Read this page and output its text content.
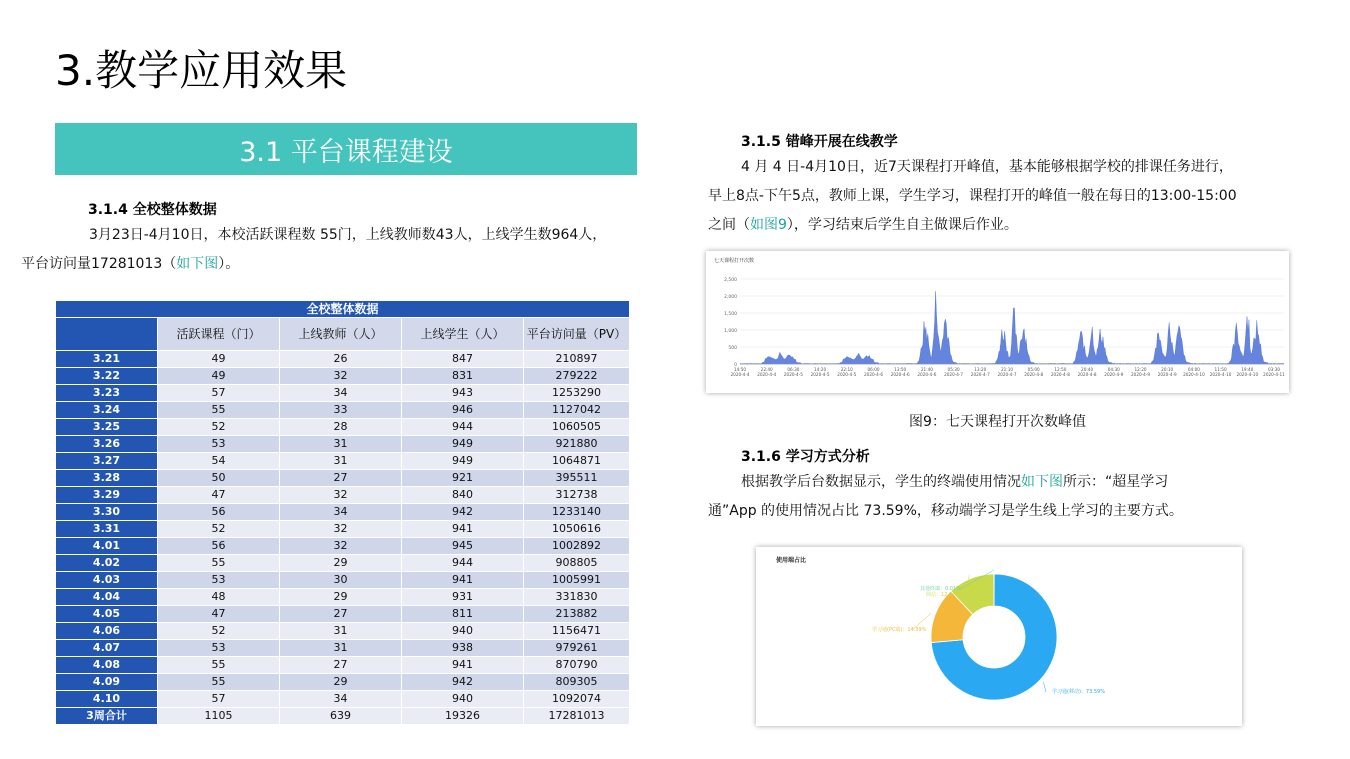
3.教学应用效果
3.1 平台课程建设
3.1.4 全校整体数据

3月23日-4月10日，本校活跃课程数 55门，上线教师数43人，上线学生数964人，
平台访问量17281013（如下图）。

全校整体数据				
	活跃课程（门）	上线教师（人）	上线学生（人）	平台访问量（PV）
3.21	49	26	847	210897
3.22	49	32	831	279222
3.23	57	34	943	1253290
3.24	55	33	946	1127042
3.25	52	28	944	1060505
3.26	53	31	949	921880
3.27	54	31	949	1064871
3.28	50	27	921	395511
3.29	47	32	840	312738
3.30	56	34	942	1233140
3.31	52	32	941	1050616
4.01	56	32	945	1002892
4.02	55	29	944	908805
4.03	53	30	941	1005991
4.04	48	29	931	331830
4.05	47	27	811	213882
4.06	52	31	940	1156471
4.07	53	31	938	979261
4.08	55	27	941	870790
4.09	55	29	942	809305
4.10	57	34	940	1092074
3周合计	1105	639	19326	17281013
3.1.5 错峰开展在线教学
4 月 4 日-4月10日，近7天课程打开峰值，基本能够根据学校的排课任务进行，
早上8点-下午5点，教师上课，学生学习，课程打开的峰值一般在每日的13:00-15:00
之间（如图9），学习结束后学生自主做课后作业。
七天课程打开次数
2,500
2,000
1,500
1,000
500
0
14:50
2020-4-4
22:40
2020-4-4
06:30
2020-4-5
14:20
2020-4-5
22:10
2020-4-5
06:00
2020-4-6
13:50
2020-4-6
21:40
2020-4-6
05:30
2020-4-7
13:20
2020-4-7
21:10
2020-4-7
05:00
2020-4-8
12:50
2020-4-8
20:40
2020-4-8
04:30
2020-4-9
12:20
2020-4-9
20:10
2020-4-9
04:00
2020-4-10
11:50
2020-4-10
19:40
2020-4-10
03:30
2020-4-11
图9：七天课程打开次数峰值
3.1.6 学习方式分析
根据教学后台数据显示，学生的终端使用情况如下图所示：“超星学习
通”App 的使用情况占比 73.59%，移动端学习是学生线上学习的主要方式。
使用端占比
学习通(移动)：73.59%
学习通(PC端)：14.39%
网站：12.01%
其他终端：0.01%
